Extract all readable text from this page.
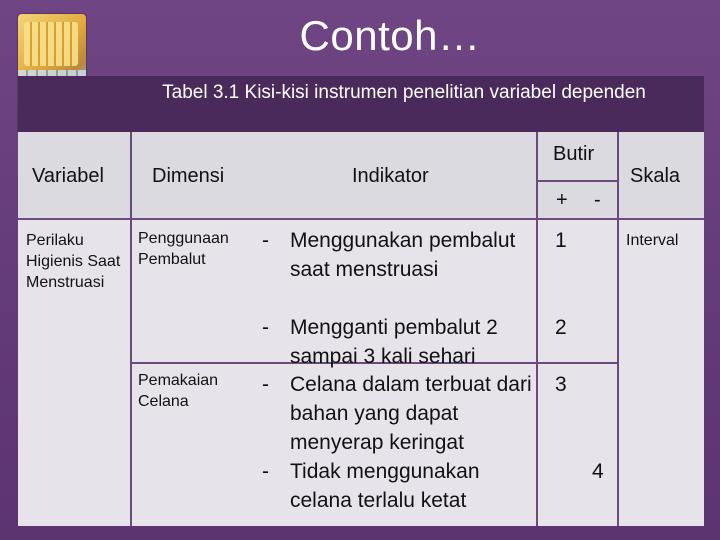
Contoh…
Tabel 3.1 Kisi-kisi instrumen penelitian variabel dependen
Variabel Dimensi	Indikator
Butir
+ -
Skala
Perilaku Higienis Saat Menstruasi
Penggunaan Pembalut
Pemakaian Celana
- Menggunakan pembalut saat menstruasi
- Mengganti pembalut 2 sampai 3 kali sehari
- Celana dalam terbuat dari bahan yang dapat menyerap keringat
- Tidak menggunakan celana terlalu ketat
1
2
3
4
Interval
